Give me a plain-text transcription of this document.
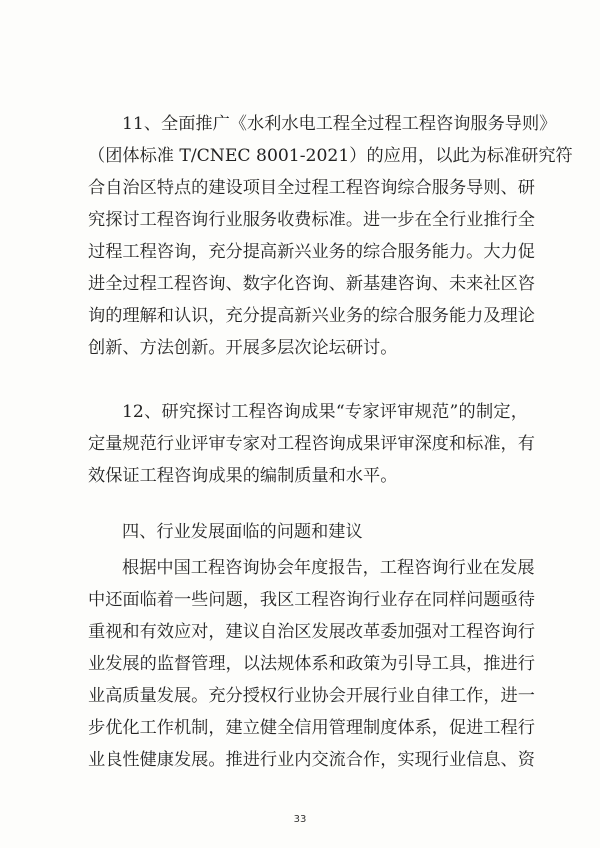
11、全面推广《水利水电工程全过程工程咨询服务导则》
（团体标准 T/CNEC 8001-2021）的应用，以此为标准研究符
合自治区特点的建设项目全过程工程咨询综合服务导则、研
究探讨工程咨询行业服务收费标准。进一步在全行业推行全
过程工程咨询，充分提高新兴业务的综合服务能力。大力促
进全过程工程咨询、数字化咨询、新基建咨询、未来社区咨
询的理解和认识，充分提高新兴业务的综合服务能力及理论
创新、方法创新。开展多层次论坛研讨。
12、研究探讨工程咨询成果“专家评审规范”的制定，
定量规范行业评审专家对工程咨询成果评审深度和标准，有
效保证工程咨询成果的编制质量和水平。
四、行业发展面临的问题和建议
根据中国工程咨询协会年度报告，工程咨询行业在发展
中还面临着一些问题，我区工程咨询行业存在同样问题亟待
重视和有效应对，建议自治区发展改革委加强对工程咨询行
业发展的监督管理，以法规体系和政策为引导工具，推进行
业高质量发展。充分授权行业协会开展行业自律工作，进一
步优化工作机制，建立健全信用管理制度体系，促进工程行
业良性健康发展。推进行业内交流合作，实现行业信息、资
33
